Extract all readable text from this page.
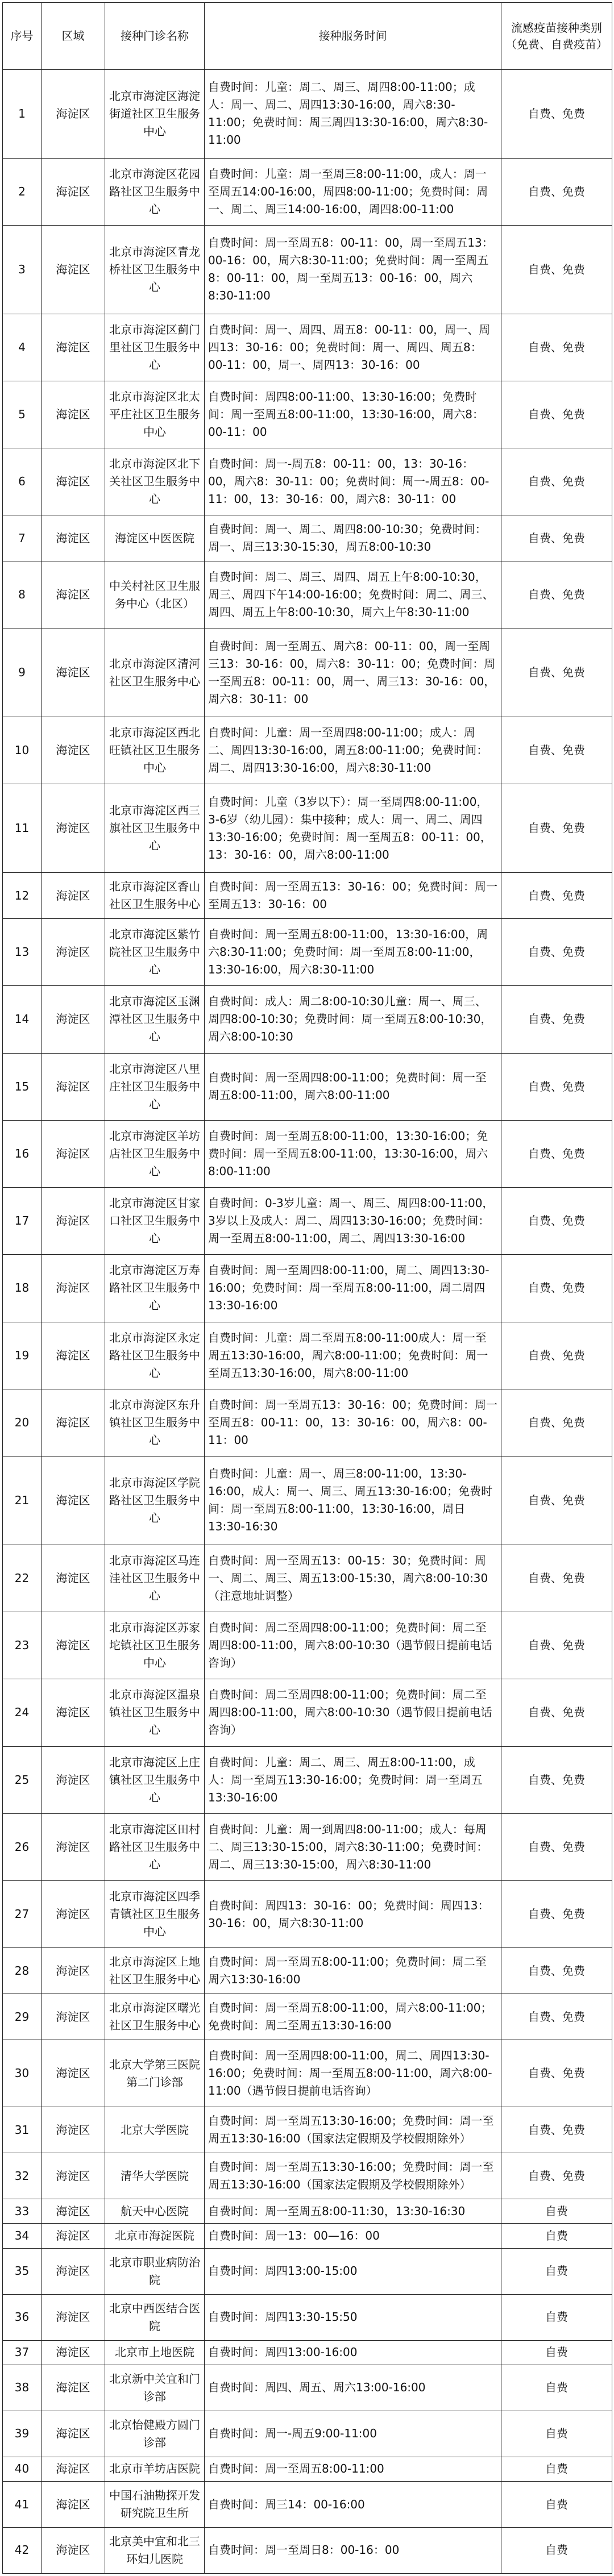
序号	区域	接种门诊名称	接种服务时间	流感疫苗接种类别（免费、自费疫苗）
1	海淀区	北京市海淀区海淀街道社区卫生服务中心	自费时间：儿童：周二、周三、周四8:00-11:00；成人：周一、周二、周四13:30-16:00，周六8:30-11:00；免费时间：周三周四13:30-16:00，周六8:30-11:00	自费、免费
2	海淀区	北京市海淀区花园路社区卫生服务中心	自费时间：儿童：周一至周三8:00-11:00，成人：周一至周五14:00-16:00，周四8:00-11:00；免费时间：周一、周二、周三14:00-16:00，周四8:00-11:00	自费、免费
3	海淀区	北京市海淀区青龙桥社区卫生服务中心	自费时间：周一至周五8：00-11：00，周一至周五13：00-16：00，周六8:30-11:00；免费时间：周一至周五8：00-11：00，周一至周五13：00-16：00，周六8:30-11:00	自费、免费
4	海淀区	北京市海淀区蓟门里社区卫生服务中心	自费时间：周一、周四、周五8：00-11：00，周一、周四13：30-16：00；免费时间：周一、周四、周五8：00-11：00，周一、周四13：30-16：00	自费、免费
5	海淀区	北京市海淀区北太平庄社区卫生服务中心	自费时间：周四8:00-11:00、13:30-16:00；免费时间：周一至周五8:00-11:00，13:30-16:00，周六8：00-11：00	自费、免费
6	海淀区	北京市海淀区北下关社区卫生服务中心	自费时间：周一-周五8：00-11：00，13：30-16：00，周六8：30-11：00；免费时间：周一-周五8：00-11：00，13：30-16：00，周六8：30-11：00	自费、免费
7	海淀区	海淀区中医医院	自费时间：周一、周二、周四8:00-10:30；免费时间：周一、周三13:30-15:30，周五8:00-10:30	自费、免费
8	海淀区	中关村社区卫生服务中心（北区）	自费时间：周二、周三、周四、周五上午8:00-10:30，周三、周四下午14:00-16:00；免费时间：周二、周三、周四、周五上午8:00-10:30，周六上午8:30-11:00	自费、免费
9	海淀区	北京市海淀区清河社区卫生服务中心	自费时间：周一至周五、周六8：00-11：00，周一至周三13：30-16：00，周六8：30-11：00；免费时间：周一至周五8：00-11：00，周一、周三13：30-16：00，周六8：30-11：00	自费、免费
10	海淀区	北京市海淀区西北旺镇社区卫生服务中心	自费时间：儿童：周一至周四8:00-11:00；成人：周二、周四13:30-16:00，周五8:00-11:00；免费时间：周二、周四13:30-16:00，周六8:30-11:00	自费、免费
11	海淀区	北京市海淀区西三旗社区卫生服务中心	自费时间：儿童（3岁以下）：周一至周四8:00-11:00，3-6岁（幼儿园）：集中接种；成人：周一、周二、周四13:30-16:00；免费时间：周一至周五8：00-11：00，13：30-16：00，周六8:00-11:00	自费、免费
12	海淀区	北京市海淀区香山社区卫生服务中心	自费时间：周一至周五13：30-16：00；免费时间：周一至周五13：30-16：00	自费、免费
13	海淀区	北京市海淀区紫竹院社区卫生服务中心	自费时间：周一至周五8:00-11:00，13:30-16:00，周六8:30-11:00；免费时间：周一至周五8:00-11:00，13:30-16:00，周六8:30-11:00	自费、免费
14	海淀区	北京市海淀区玉渊潭社区卫生服务中心	自费时间：成人：周二8:00-10:30儿童：周一、周三、周四8:00-10:30；免费时间：周一至周五8:00-10:30，周六8:00-10:30	自费、免费
15	海淀区	北京市海淀区八里庄社区卫生服务中心	自费时间：周一至周四8:00-11:00；免费时间：周一至周五8:00-11:00，周六8:00-11:00	自费、免费
16	海淀区	北京市海淀区羊坊店社区卫生服务中心	自费时间：周一至周五8:00-11:00，13:30-16:00；免费时间：周一至周五8:00-11:00，13:30-16:00，周六8:00-11:00	自费、免费
17	海淀区	北京市海淀区甘家口社区卫生服务中心	自费时间：0-3岁儿童：周一、周三、周四8:00-11:00，3岁以上及成人：周二、周四13:30-16:00；免费时间：周一至周五8:00-11:00，周二、周四13:30-16:00	自费、免费
18	海淀区	北京市海淀区万寿路社区卫生服务中心	自费时间：周一至周四8:00-11:00，周二、周四13:30-16:00；免费时间：周一至周五8:00-11:00，周二周四13:30-16:00	自费、免费
19	海淀区	北京市海淀区永定路社区卫生服务中心	自费时间：儿童：周二至周五8:00-11:00成人：周一至周五13:30-16:00，周六8:00-11:00；免费时间：周一至周五13:30-16:00，周六8:00-11:00	自费、免费
20	海淀区	北京市海淀区东升镇社区卫生服务中心	自费时间：周一至周五13：30-16：00；免费时间：周一至周五8：00-11：00，13：30-16：00，周六8：00-11：00	自费、免费
21	海淀区	北京市海淀区学院路社区卫生服务中心	自费时间：儿童：周一、周三8:00-11:00，13:30-16:00，成人：周一、周三、周五13:30-16:00；免费时间：周一至周五8:00-11:00，13:30-16:00，周日13:30-16:30	自费、免费
22	海淀区	北京市海淀区马连洼社区卫生服务中心	自费时间：周一至周五13：00-15：30；免费时间：周一、周二、周三、周五13:00-15:30，周六8:00-10:30（注意地址调整）	自费、免费
23	海淀区	北京市海淀区苏家坨镇社区卫生服务中心	自费时间：周二至周四8:00-11:00；免费时间：周二至周四8:00-11:00，周六8:00-10:30（遇节假日提前电话咨询）	自费、免费
24	海淀区	北京市海淀区温泉镇社区卫生服务中心	自费时间：周二至周四8:00-11:00；免费时间：周二至周四8:00-11:00，周六8:00-10:30（遇节假日提前电话咨询）	自费、免费
25	海淀区	北京市海淀区上庄镇社区卫生服务中心	自费时间：儿童：周二、周三、周五8:00-11:00，成人：周一至周五13:30-16:00；免费时间：周一至周五13:30-16:00	自费、免费
26	海淀区	北京市海淀区田村路社区卫生服务中心	自费时间：儿童：周一到周四8:00-11:00；成人：每周二、周三13:30-15:00，周六8:30-11:00；免费时间：周二、周三13:30-15:00，周六8:30-11:00	自费、免费
27	海淀区	北京市海淀区四季青镇社区卫生服务中心	自费时间：周四13：30-16：00；免费时间：周四13：30-16：00，周六8:30-11:00	自费、免费
28	海淀区	北京市海淀区上地社区卫生服务中心	自费时间：周一至周五8:00-11:00；免费时间：周二至周六13:30-16:00	自费、免费
29	海淀区	北京市海淀区曙光社区卫生服务中心	自费时间：周一至周五8:00-11:00，周六8:00-11:00；免费时间：周二至周五13:30-16:00	自费、免费
30	海淀区	北京大学第三医院第二门诊部	自费时间：周一至周四8:00-11:00，周二、周四13:30-16:00；免费时间：周一至周五8:00-11:00，周六8:00-11:00（遇节假日提前电话咨询）	自费、免费
31	海淀区	北京大学医院	自费时间：周一至周五13:30-16:00；免费时间：周一至周五13:30-16:00（国家法定假期及学校假期除外）	自费、免费
32	海淀区	清华大学医院	自费时间：周一至周五13:30-16:00；免费时间：周一至周五13:30-16:00（国家法定假期及学校假期除外）	自费、免费
33	海淀区	航天中心医院	自费时间：周一至周五8:00-11:30，13:30-16:30	自费
34	海淀区	北京市海淀医院	自费时间：周一13：00—16：00	自费
35	海淀区	北京市职业病防治院	自费时间：周四13:00-15:00	自费
36	海淀区	北京中西医结合医院	自费时间：周四13:30-15:50	自费
37	海淀区	北京市上地医院	自费时间：周四13:00-16:00	自费
38	海淀区	北京新中关宜和门诊部	自费时间：周四、周五、周六13:00-16:00	自费
39	海淀区	北京怡健殿方圆门诊部	自费时间：周一-周五9:00-11:00	自费
40	海淀区	北京市羊坊店医院	自费时间：周一至周五8:00-11:00	自费
41	海淀区	中国石油勘探开发研究院卫生所	自费时间：周三14：00-16:00	自费
42	海淀区	北京美中宜和北三环妇儿医院	自费时间：周一至周日8：00-16：00	自费
